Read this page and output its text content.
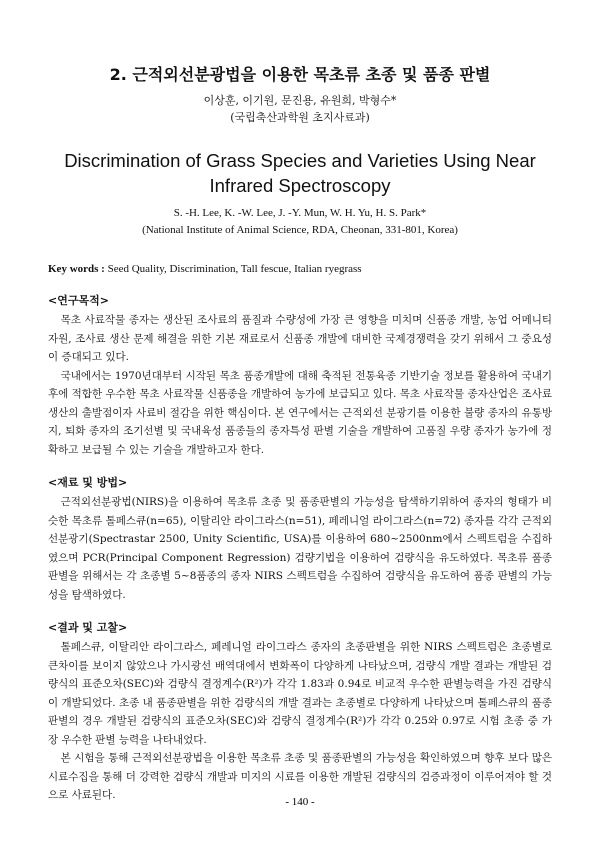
2. 근적외선분광법을 이용한 목초류 초종 및 품종 판별
이상훈, 이기원, 문진용, 유원희, 박형수*
(국립축산과학원 초지사료과)
Discrimination of Grass Species and Varieties Using Near Infrared Spectroscopy
S. -H. Lee, K. -W. Lee, J. -Y. Mun, W. H. Yu, H. S. Park*
(National Institute of Animal Science, RDA, Cheonan, 331-801, Korea)
Key words : Seed Quality, Discrimination, Tall fescue, Italian ryegrass
<연구목적>

목초 사료작물 종자는 생산된 조사료의 품질과 수량성에 가장 큰 영향을 미치며 신품종 개발, 농업 어메니티 자원, 조사료 생산 문제 해결을 위한 기본 재료로서 신품종 개발에 대비한 국제경쟁력을 갖기 위해서 그 중요성이 증대되고 있다.

국내에서는 1970년대부터 시작된 목초 품종개발에 대해 축적된 전통육종 기반기술 정보를 활용하여 국내기후에 적합한 우수한 목초 사료작물 신품종을 개발하여 농가에 보급되고 있다. 목초 사료작물 종자산업은 조사료 생산의 출발점이자 사료비 절감을 위한 핵심이다. 본 연구에서는 근적외선 분광기를 이용한 불량 종자의 유통방지, 퇴화 종자의 조기선별 및 국내육성 품종들의 종자특성 판별 기술을 개발하여 고품질 우량 종자가 농가에 정확하고 보급될 수 있는 기술을 개발하고자 한다.

<재료 및 방법>

근적외선분광법(NIRS)을 이용하여 목초류 초종 및 품종판별의 가능성을 탐색하기위하여 종자의 형태가 비슷한 목초류 톨페스큐(n=65), 이탈리안 라이그라스(n=51), 페레니얼 라이그라스(n=72) 종자를 각각 근적외선분광기(Spectrastar 2500, Unity Scientific, USA)를 이용하여 680~2500nm에서 스펙트럼을 수집하였으며 PCR(Principal Component Regression) 검량기법을 이용하여 검량식을 유도하였다. 목초류 품종판별을 위해서는 각 초종별 5~8품종의 종자 NIRS 스펙트럼을 수집하여 검량식을 유도하여 품종 판별의 가능성을 탐색하였다.

<결과 및 고찰>

톨페스큐, 이탈리안 라이그라스, 페레니얼 라이그라스 종자의 초종판별을 위한 NIRS 스펙트럼은 초종별로 큰차이를 보이지 않았으나 가시광선 배역대에서 변화폭이 다양하게 나타났으며, 검량식 개발 결과는 개발된 검량식의 표준오차(SEC)와 검량식 결정계수(R²)가 각각 1.83과 0.94로 비교적 우수한 판별능력을 가진 검량식이 개발되었다. 초종 내 품종판별을 위한 검량식의 개발 결과는 초종별로 다양하게 나타났으며 톨페스큐의 품종판별의 경우 개발된 검량식의 표준오차(SEC)와 검량식 결정계수(R²)가 각각 0.25와 0.97로 시험 초종 중 가장 우수한 판별 능력을 나타내었다.

본 시험을 통해 근적외선분광법을 이용한 목초류 초종 및 품종판별의 가능성을 확인하였으며 향후 보다 많은 시료수집을 통해 더 강력한 검량식 개발과 미지의 시료를 이용한 개발된 검량식의 검증과정이 이루어져야 할 것으로 사료된다.

- 140 -
